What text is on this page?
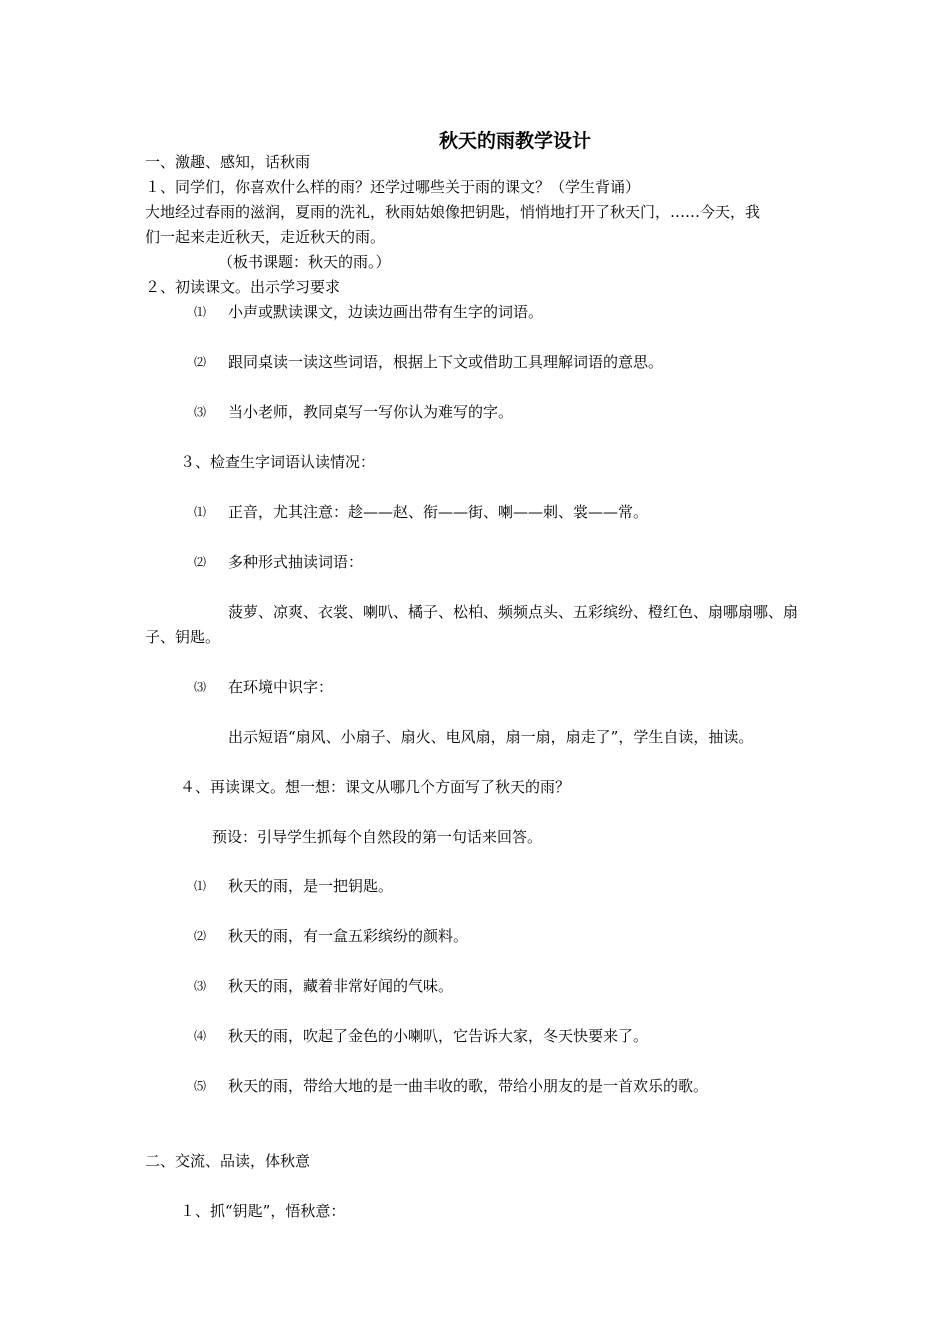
秋天的雨教学设计
一、激趣、感知，话秋雨
１、同学们，你喜欢什么样的雨？还学过哪些关于雨的课文？（学生背诵）
大地经过春雨的滋润，夏雨的洗礼，秋雨姑娘像把钥匙，悄悄地打开了秋天门，……今天，我
们一起来走近秋天，走近秋天的雨。
（板书课题：秋天的雨。）
２、初读课文。出示学习要求
⑴ 小声或默读课文，边读边画出带有生字的词语。
⑵ 跟同桌读一读这些词语，根据上下文或借助工具理解词语的意思。
⑶ 当小老师，教同桌写一写你认为难写的字。
３、检查生字词语认读情况：
⑴ 正音，尤其注意：趁——赵、衔——街、喇——刺、裳——常。
⑵ 多种形式抽读词语：
菠萝、凉爽、衣裳、喇叭、橘子、松柏、频频点头、五彩缤纷、橙红色、扇哪扇哪、扇
子、钥匙。
⑶ 在环境中识字：
出示短语“扇风、小扇子、扇火、电风扇，扇一扇，扇走了”，学生自读，抽读。
４、再读课文。想一想：课文从哪几个方面写了秋天的雨？
预设：引导学生抓每个自然段的第一句话来回答。
⑴ 秋天的雨，是一把钥匙。
⑵ 秋天的雨，有一盒五彩缤纷的颜料。
⑶ 秋天的雨，藏着非常好闻的气味。
⑷ 秋天的雨，吹起了金色的小喇叭，它告诉大家，冬天快要来了。
⑸ 秋天的雨，带给大地的是一曲丰收的歌，带给小朋友的是一首欢乐的歌。
二、交流、品读，体秋意
１、抓“钥匙”，悟秋意：
